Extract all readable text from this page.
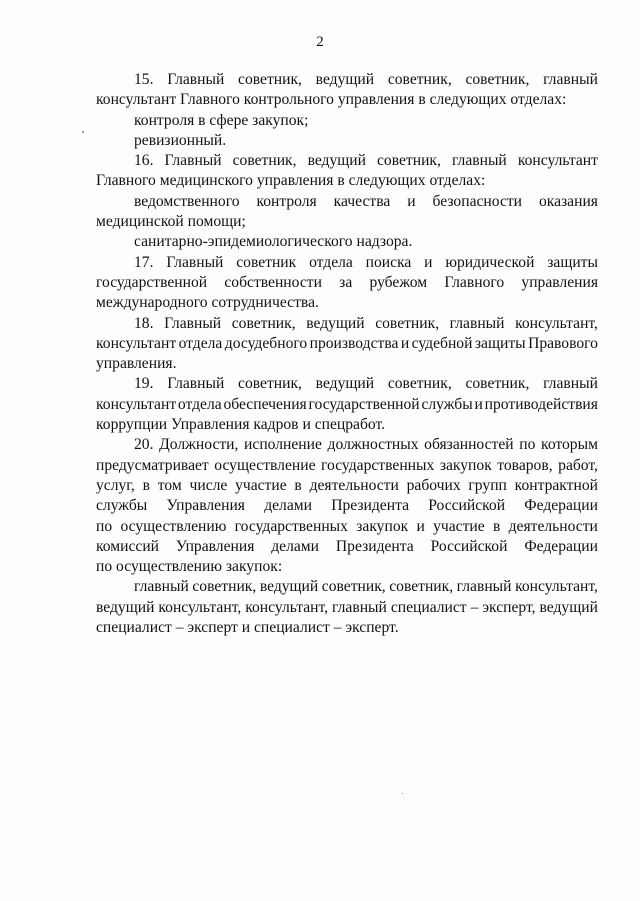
2
15. Главный советник, ведущий советник, советник, главный
консультант Главного контрольного управления в следующих отделах:
контроля в сфере закупок;
ревизионный.
16. Главный советник, ведущий советник, главный консультант
Главного медицинского управления в следующих отделах:
ведомственного контроля качества и безопасности оказания
медицинской помощи;
санитарно-эпидемиологического надзора.
17. Главный советник отдела поиска и юридической защиты
государственной собственности за рубежом Главного управления
международного сотрудничества.
18. Главный советник, ведущий советник, главный консультант,
консультант отдела досудебного производства и судебной защиты Правового
управления.
19. Главный советник, ведущий советник, советник, главный
консультант отдела обеспечения государственной службы и противодействия
коррупции Управления кадров и спецработ.
20. Должности, исполнение должностных обязанностей по которым
предусматривает осуществление государственных закупок товаров, работ,
услуг, в том числе участие в деятельности рабочих групп контрактной
службы Управления делами Президента Российской Федерации
по осуществлению государственных закупок и участие в деятельности
комиссий Управления делами Президента Российской Федерации
по осуществлению закупок:
главный советник, ведущий советник, советник, главный консультант,
ведущий консультант, консультант, главный специалист – эксперт, ведущий
специалист – эксперт и специалист – эксперт.
